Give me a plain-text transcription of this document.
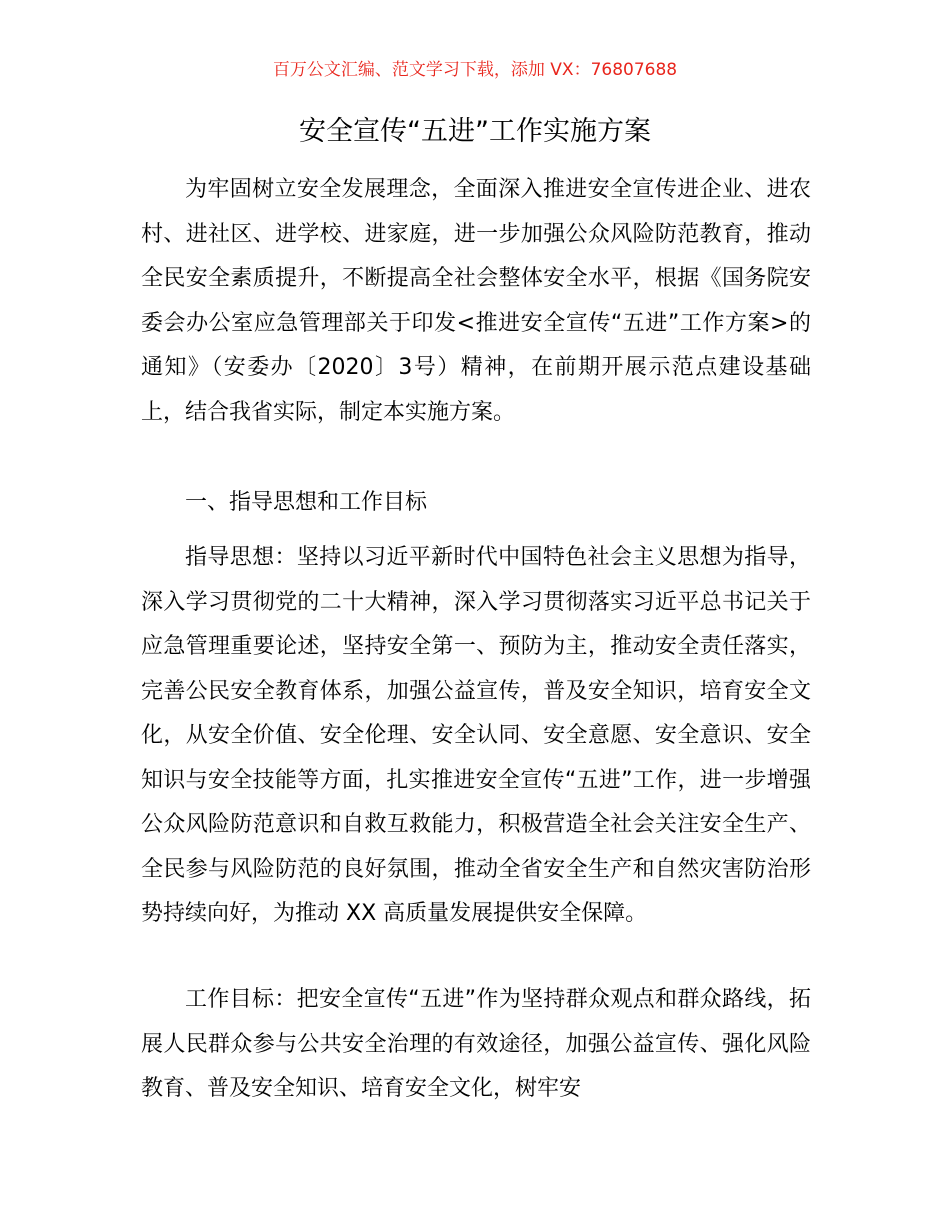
百万公文汇编、范文学习下载，添加 VX：76807688
安全宣传“五进”工作实施方案

为牢固树立安全发展理念，全面深入推进安全宣传进企业、进农村、进社区、进学校、进家庭，进一步加强公众风险防范教育，推动全民安全素质提升，不断提高全社会整体安全水平，根据《国务院安委会办公室应急管理部关于印发<推进安全宣传“五进”工作方案>的通知》（安委办〔2020〕3号）精神，在前期开展示范点建设基础上，结合我省实际，制定本实施方案。

一、指导思想和工作目标

指导思想：坚持以习近平新时代中国特色社会主义思想为指导，深入学习贯彻党的二十大精神，深入学习贯彻落实习近平总书记关于应急管理重要论述，坚持安全第一、预防为主，推动安全责任落实，完善公民安全教育体系，加强公益宣传，普及安全知识，培育安全文化，从安全价值、安全伦理、安全认同、安全意愿、安全意识、安全知识与安全技能等方面，扎实推进安全宣传“五进”工作，进一步增强公众风险防范意识和自救互救能力，积极营造全社会关注安全生产、全民参与风险防范的良好氛围，推动全省安全生产和自然灾害防治形势持续向好，为推动 XX 高质量发展提供安全保障。

工作目标：把安全宣传“五进”作为坚持群众观点和群众路线，拓展人民群众参与公共安全治理的有效途径，加强公益宣传、强化风险教育、普及安全知识、培育安全文化，树牢安
